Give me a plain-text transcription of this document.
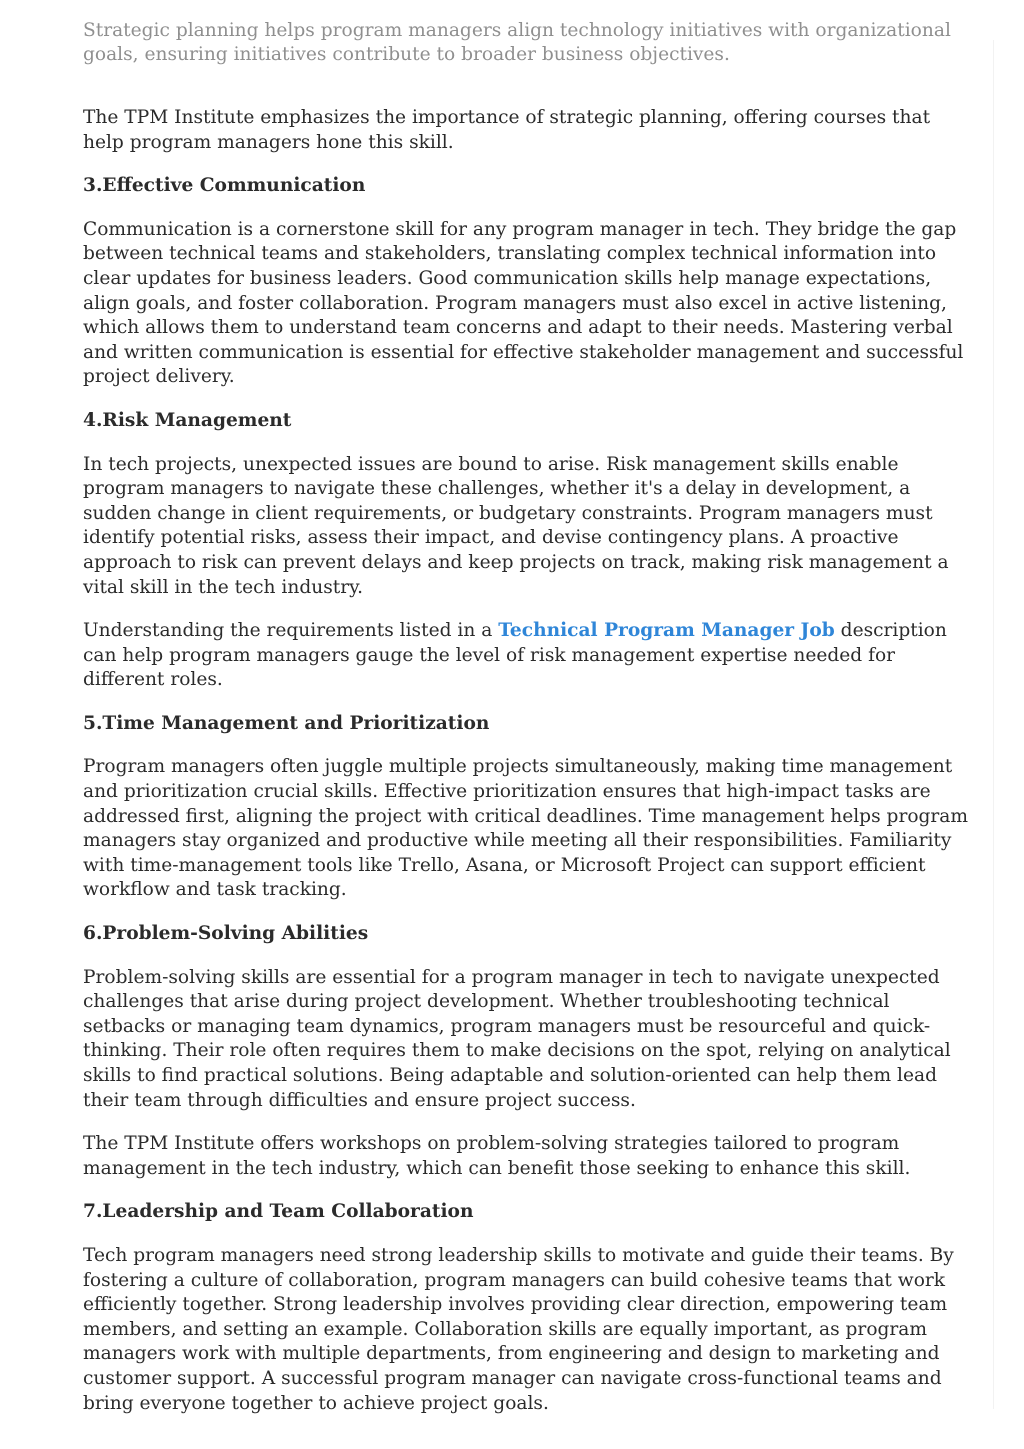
Strategic planning helps program managers align technology initiatives with organizational goals, ensuring initiatives contribute to broader business objectives.

The TPM Institute emphasizes the importance of strategic planning, offering courses that help program managers hone this skill.

3.Effective Communication

Communication is a cornerstone skill for any program manager in tech. They bridge the gap between technical teams and stakeholders, translating complex technical information into clear updates for business leaders. Good communication skills help manage expectations, align goals, and foster collaboration. Program managers must also excel in active listening, which allows them to understand team concerns and adapt to their needs. Mastering verbal and written communication is essential for effective stakeholder management and successful project delivery.

4.Risk Management

In tech projects, unexpected issues are bound to arise. Risk management skills enable program managers to navigate these challenges, whether it's a delay in development, a sudden change in client requirements, or budgetary constraints. Program managers must identify potential risks, assess their impact, and devise contingency plans. A proactive approach to risk can prevent delays and keep projects on track, making risk management a vital skill in the tech industry.

Understanding the requirements listed in a Technical Program Manager Job description can help program managers gauge the level of risk management expertise needed for different roles.

5.Time Management and Prioritization

Program managers often juggle multiple projects simultaneously, making time management and prioritization crucial skills. Effective prioritization ensures that high-impact tasks are addressed first, aligning the project with critical deadlines. Time management helps program managers stay organized and productive while meeting all their responsibilities. Familiarity with time-management tools like Trello, Asana, or Microsoft Project can support efficient workflow and task tracking.

6.Problem-Solving Abilities

Problem-solving skills are essential for a program manager in tech to navigate unexpected challenges that arise during project development. Whether troubleshooting technical setbacks or managing team dynamics, program managers must be resourceful and quick-thinking. Their role often requires them to make decisions on the spot, relying on analytical skills to find practical solutions. Being adaptable and solution-oriented can help them lead their team through difficulties and ensure project success.

The TPM Institute offers workshops on problem-solving strategies tailored to program management in the tech industry, which can benefit those seeking to enhance this skill.

7.Leadership and Team Collaboration

Tech program managers need strong leadership skills to motivate and guide their teams. By fostering a culture of collaboration, program managers can build cohesive teams that work efficiently together. Strong leadership involves providing clear direction, empowering team members, and setting an example. Collaboration skills are equally important, as program managers work with multiple departments, from engineering and design to marketing and customer support. A successful program manager can navigate cross-functional teams and bring everyone together to achieve project goals.
